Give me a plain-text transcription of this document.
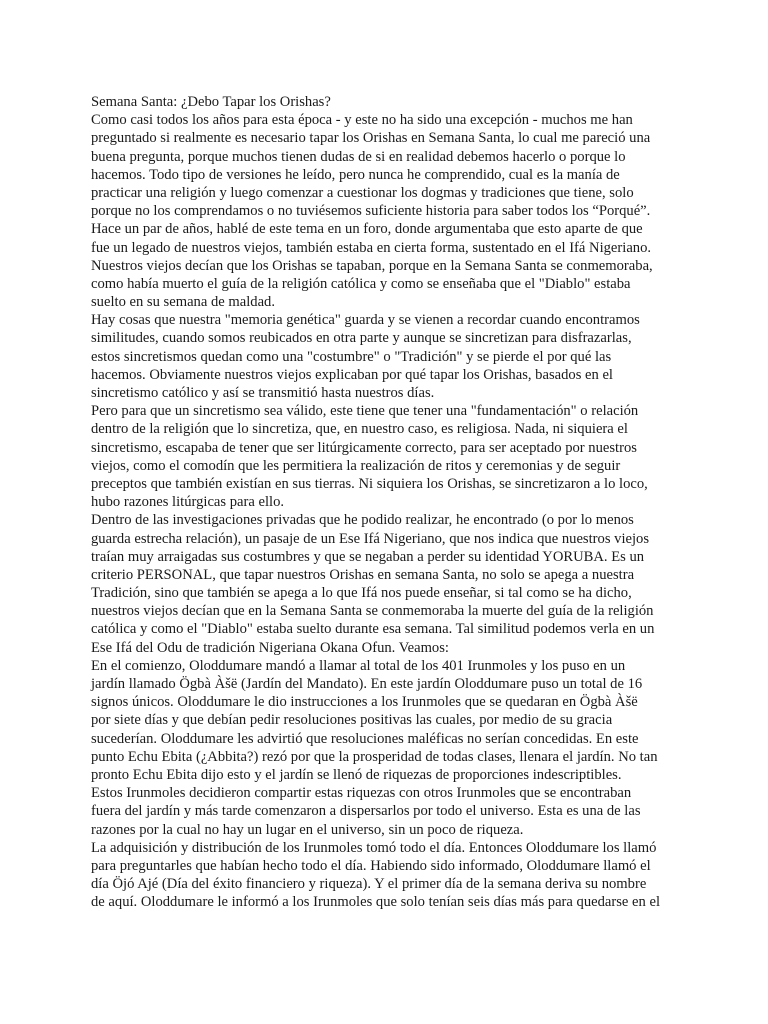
Semana Santa: ¿Debo Tapar los Orishas?
Como casi todos los años para esta época - y este no ha sido una excepción - muchos me han
preguntado si realmente es necesario tapar los Orishas en Semana Santa, lo cual me pareció una
buena pregunta, porque muchos tienen dudas de si en realidad debemos hacerlo o porque lo
hacemos. Todo tipo de versiones he leído, pero nunca he comprendido, cual es la manía de
practicar una religión y luego comenzar a cuestionar los dogmas y tradiciones que tiene, solo
porque no los comprendamos o no tuviésemos suficiente historia para saber todos los “Porqué”.
Hace un par de años, hablé de este tema en un foro, donde argumentaba que esto aparte de que
fue un legado de nuestros viejos, también estaba en cierta forma, sustentado en el Ifá Nigeriano.
Nuestros viejos decían que los Orishas se tapaban, porque en la Semana Santa se conmemoraba,
como había muerto el guía de la religión católica y como se enseñaba que el "Diablo" estaba
suelto en su semana de maldad.
Hay cosas que nuestra "memoria genética" guarda y se vienen a recordar cuando encontramos
similitudes, cuando somos reubicados en otra parte y aunque se sincretizan para disfrazarlas,
estos sincretismos quedan como una "costumbre" o "Tradición" y se pierde el por qué las
hacemos. Obviamente nuestros viejos explicaban por qué tapar los Orishas, basados en el
sincretismo católico y así se transmitió hasta nuestros días.
Pero para que un sincretismo sea válido, este tiene que tener una "fundamentación" o relación
dentro de la religión que lo sincretiza, que, en nuestro caso, es religiosa. Nada, ni siquiera el
sincretismo, escapaba de tener que ser litúrgicamente correcto, para ser aceptado por nuestros
viejos, como el comodín que les permitiera la realización de ritos y ceremonias y de seguir
preceptos que también existían en sus tierras. Ni siquiera los Orishas, se sincretizaron a lo loco,
hubo razones litúrgicas para ello.
Dentro de las investigaciones privadas que he podido realizar, he encontrado (o por lo menos
guarda estrecha relación), un pasaje de un Ese Ifá Nigeriano, que nos indica que nuestros viejos
traían muy arraigadas sus costumbres y que se negaban a perder su identidad YORUBA. Es un
criterio PERSONAL, que tapar nuestros Orishas en semana Santa, no solo se apega a nuestra
Tradición, sino que también se apega a lo que Ifá nos puede enseñar, si tal como se ha dicho,
nuestros viejos decían que en la Semana Santa se conmemoraba la muerte del guía de la religión
católica y como el "Diablo" estaba suelto durante esa semana. Tal similitud podemos verla en un
Ese Ifá del Odu de tradición Nigeriana Okana Ofun. Veamos:
En el comienzo, Oloddumare mandó a llamar al total de los 401 Irunmoles y los puso en un
jardín llamado Ögbà Àšë (Jardín del Mandato). En este jardín Oloddumare puso un total de 16
signos únicos. Oloddumare le dio instrucciones a los Irunmoles que se quedaran en Ögbà Àšë
por siete días y que debían pedir resoluciones positivas las cuales, por medio de su gracia
sucederían. Oloddumare les advirtió que resoluciones maléficas no serían concedidas. En este
punto Echu Ebita (¿Abbita?) rezó por que la prosperidad de todas clases, llenara el jardín. No tan
pronto Echu Ebita dijo esto y el jardín se llenó de riquezas de proporciones indescriptibles.
Estos Irunmoles decidieron compartir estas riquezas con otros Irunmoles que se encontraban
fuera del jardín y más tarde comenzaron a dispersarlos por todo el universo. Esta es una de las
razones por la cual no hay un lugar en el universo, sin un poco de riqueza.
La adquisición y distribución de los Irunmoles tomó todo el día. Entonces Oloddumare los llamó
para preguntarles que habían hecho todo el día. Habiendo sido informado, Oloddumare llamó el
día Öjó Ajé (Día del éxito financiero y riqueza). Y el primer día de la semana deriva su nombre
de aquí. Oloddumare le informó a los Irunmoles que solo tenían seis días más para quedarse en el
